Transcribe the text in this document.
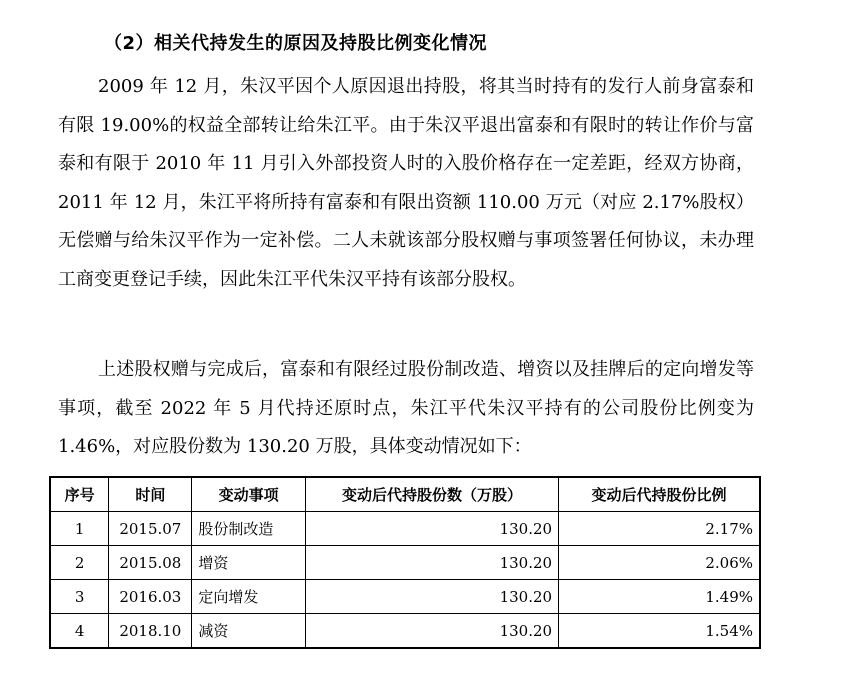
（2）相关代持发生的原因及持股比例变化情况

2009 年 12 月，朱汉平因个人原因退出持股，将其当时持有的发行人前身富泰和有限 19.00%的权益全部转让给朱江平。由于朱汉平退出富泰和有限时的转让作价与富泰和有限于 2010 年 11 月引入外部投资人时的入股价格存在一定差距，经双方协商，2011 年 12 月，朱江平将所持有富泰和有限出资额 110.00 万元（对应 2.17%股权）无偿赠与给朱汉平作为一定补偿。二人未就该部分股权赠与事项签署任何协议，未办理工商变更登记手续，因此朱江平代朱汉平持有该部分股权。

上述股权赠与完成后，富泰和有限经过股份制改造、增资以及挂牌后的定向增发等事项，截至 2022 年 5 月代持还原时点，朱江平代朱汉平持有的公司股份比例变为 1.46%，对应股份数为 130.20 万股，具体变动情况如下：

序号	时间	变动事项	变动后代持股份数（万股）	变动后代持股份比例
1	2015.07	股份制改造	130.20	2.17%
2	2015.08	增资	130.20	2.06%
3	2016.03	定向增发	130.20	1.49%
4	2018.10	减资	130.20	1.54%
